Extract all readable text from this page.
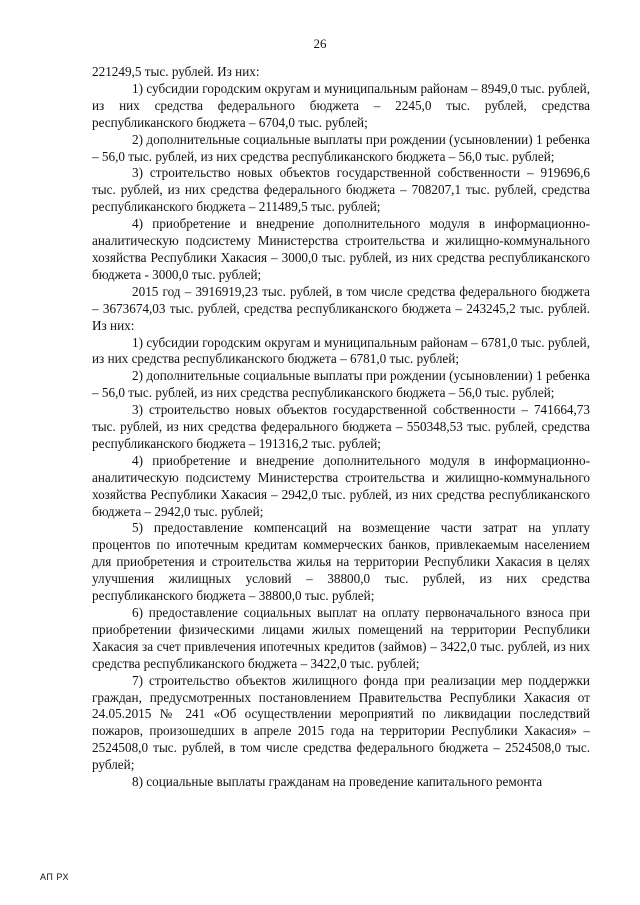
26

221249,5 тыс. рублей. Из них:

1) субсидии городским округам и муниципальным районам – 8949,0 тыс. рублей, из них средства федерального бюджета – 2245,0 тыс. рублей, средства республиканского бюджета – 6704,0 тыс. рублей;

2) дополнительные социальные выплаты при рождении (усыновлении) 1 ребенка – 56,0 тыс. рублей, из них средства республиканского бюджета – 56,0 тыс. рублей;

3) строительство новых объектов государственной собственности – 919696,6 тыс. рублей, из них средства федерального бюджета – 708207,1 тыс. рублей, средства республиканского бюджета – 211489,5 тыс. рублей;

4) приобретение и внедрение дополнительного модуля в информационно-аналитическую подсистему Министерства строительства и жилищно-коммунального хозяйства Республики Хакасия – 3000,0 тыс. рублей, из них средства республиканского бюджета - 3000,0 тыс. рублей;

2015 год – 3916919,23 тыс. рублей, в том числе средства федерального бюджета – 3673674,03 тыс. рублей, средства республиканского бюджета – 243245,2 тыс. рублей. Из них:

1) субсидии городским округам и муниципальным районам – 6781,0 тыс. рублей, из них средства республиканского бюджета – 6781,0 тыс. рублей;

2) дополнительные социальные выплаты при рождении (усыновлении) 1 ребенка – 56,0 тыс. рублей, из них средства республиканского бюджета – 56,0 тыс. рублей;

3) строительство новых объектов государственной собственности – 741664,73 тыс. рублей, из них средства федерального бюджета – 550348,53 тыс. рублей, средства республиканского бюджета – 191316,2 тыс. рублей;

4) приобретение и внедрение дополнительного модуля в информационно-аналитическую подсистему Министерства строительства и жилищно-коммунального хозяйства Республики Хакасия – 2942,0 тыс. рублей, из них средства республиканского бюджета – 2942,0 тыс. рублей;

5) предоставление компенсаций на возмещение части затрат на уплату процентов по ипотечным кредитам коммерческих банков, привлекаемым населением для приобретения и строительства жилья на территории Республики Хакасия в целях улучшения жилищных условий – 38800,0 тыс. рублей, из них средства республиканского бюджета – 38800,0 тыс. рублей;

6) предоставление социальных выплат на оплату первоначального взноса при приобретении физическими лицами жилых помещений на территории Республики Хакасия за счет привлечения ипотечных кредитов (займов) – 3422,0 тыс. рублей, из них средства республиканского бюджета – 3422,0 тыс. рублей;

7) строительство объектов жилищного фонда при реализации мер поддержки граждан, предусмотренных постановлением Правительства Республики Хакасия от 24.05.2015 № 241 «Об осуществлении мероприятий по ликвидации последствий пожаров, произошедших в апреле 2015 года на территории Республики Хакасия» – 2524508,0 тыс. рублей, в том числе средства федерального бюджета – 2524508,0 тыс. рублей;

8) социальные выплаты гражданам на проведение капитального ремонта

АП РХ
